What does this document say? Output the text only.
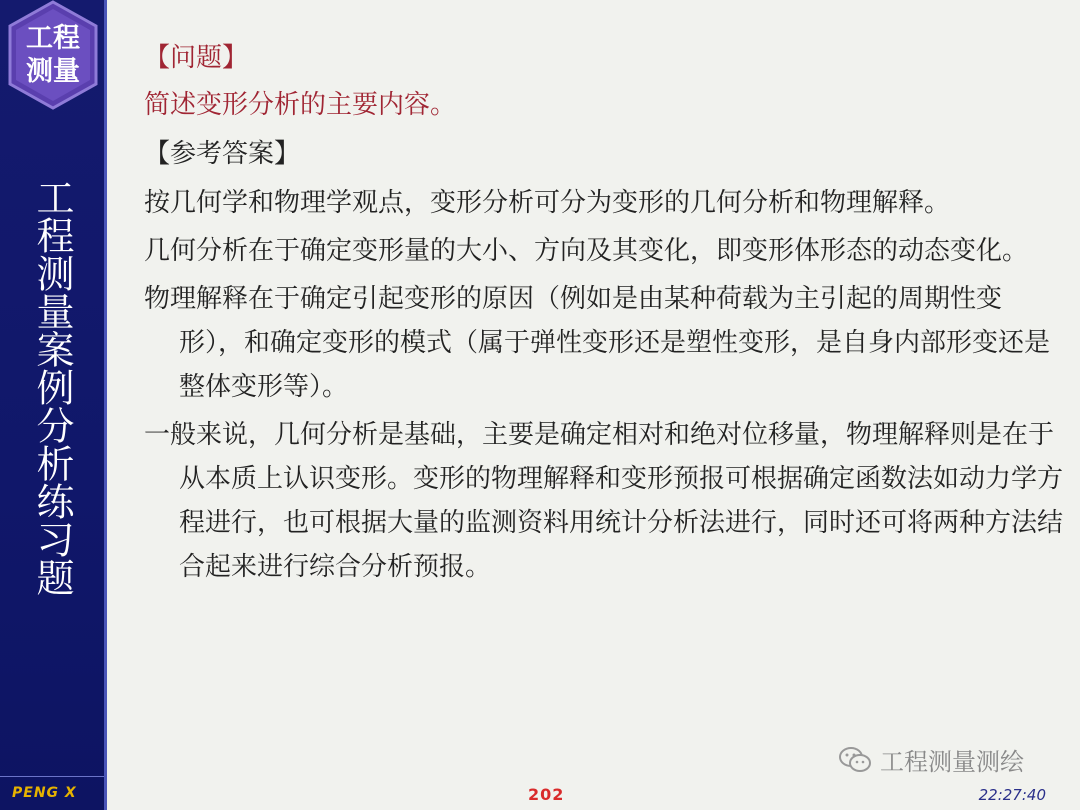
工程
测量
工程测量案例分析练习题
PENG X

【问题】

简述变形分析的主要内容。

【参考答案】

按几何学和物理学观点，变形分析可分为变形的几何分析和物理解释。

几何分析在于确定变形量的大小、方向及其变化，即变形体形态的动态变化。

物理解释在于确定引起变形的原因（例如是由某种荷载为主引起的周期性变形），和确定变形的模式（属于弹性变形还是塑性变形，是自身内部形变还是整体变形等）。

一般来说，几何分析是基础，主要是确定相对和绝对位移量，物理解释则是在于从本质上认识变形。变形的物理解释和变形预报可根据确定函数法如动力学方程进行，也可根据大量的监测资料用统计分析法进行，同时还可将两种方法结合起来进行综合分析预报。

工程测量测绘
202	22:27:40
